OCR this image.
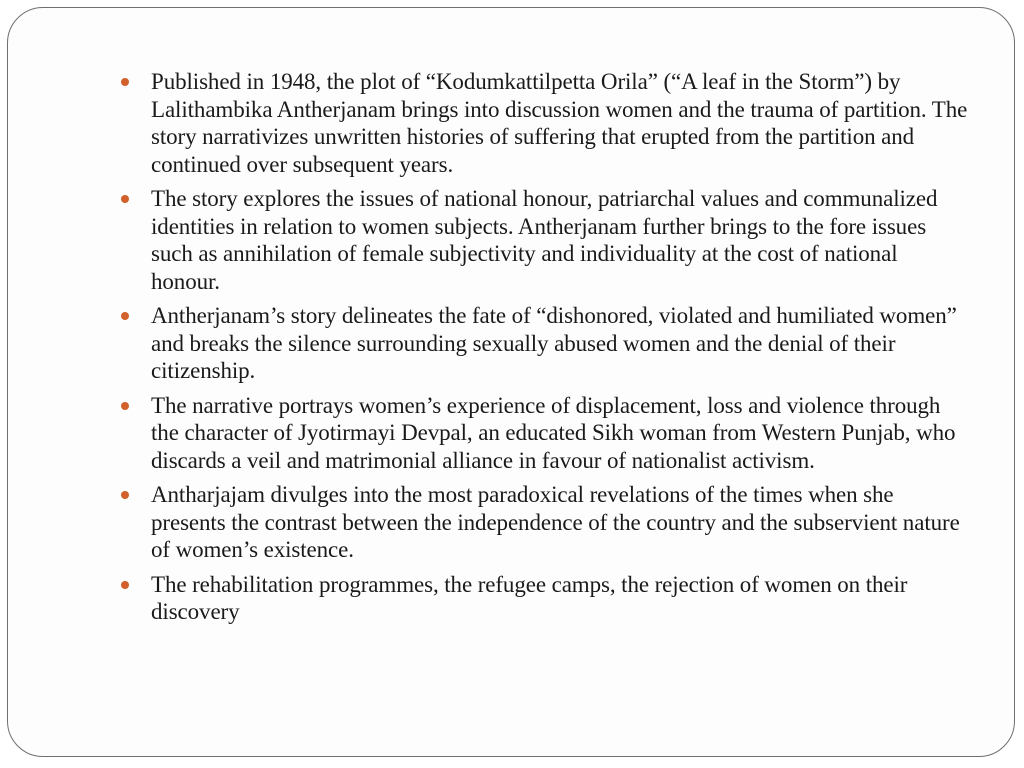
Published in 1948, the plot of “Kodumkattilpetta Orila” (“A leaf in the Storm”) by Lalithambika Antherjanam brings into discussion women and the trauma of partition. The story narrativizes unwritten histories of suffering that erupted from the partition and continued over subsequent years.
The story explores the issues of national honour, patriarchal values and communalized identities in relation to women subjects. Antherjanam further brings to the fore issues such as annihilation of female subjectivity and individuality at the cost of national honour.
Antherjanam’s story delineates the fate of “dishonored, violated and humiliated women” and breaks the silence surrounding sexually abused women and the denial of their citizenship.
The narrative portrays women’s experience of displacement, loss and violence through the character of Jyotirmayi Devpal, an educated Sikh woman from Western Punjab, who discards a veil and matrimonial alliance in favour of nationalist activism.
Antharjajam divulges into the most paradoxical revelations of the times when she presents the contrast between the independence of the country and the subservient nature of women’s existence.
The rehabilitation programmes, the refugee camps, the rejection of women on their discovery
